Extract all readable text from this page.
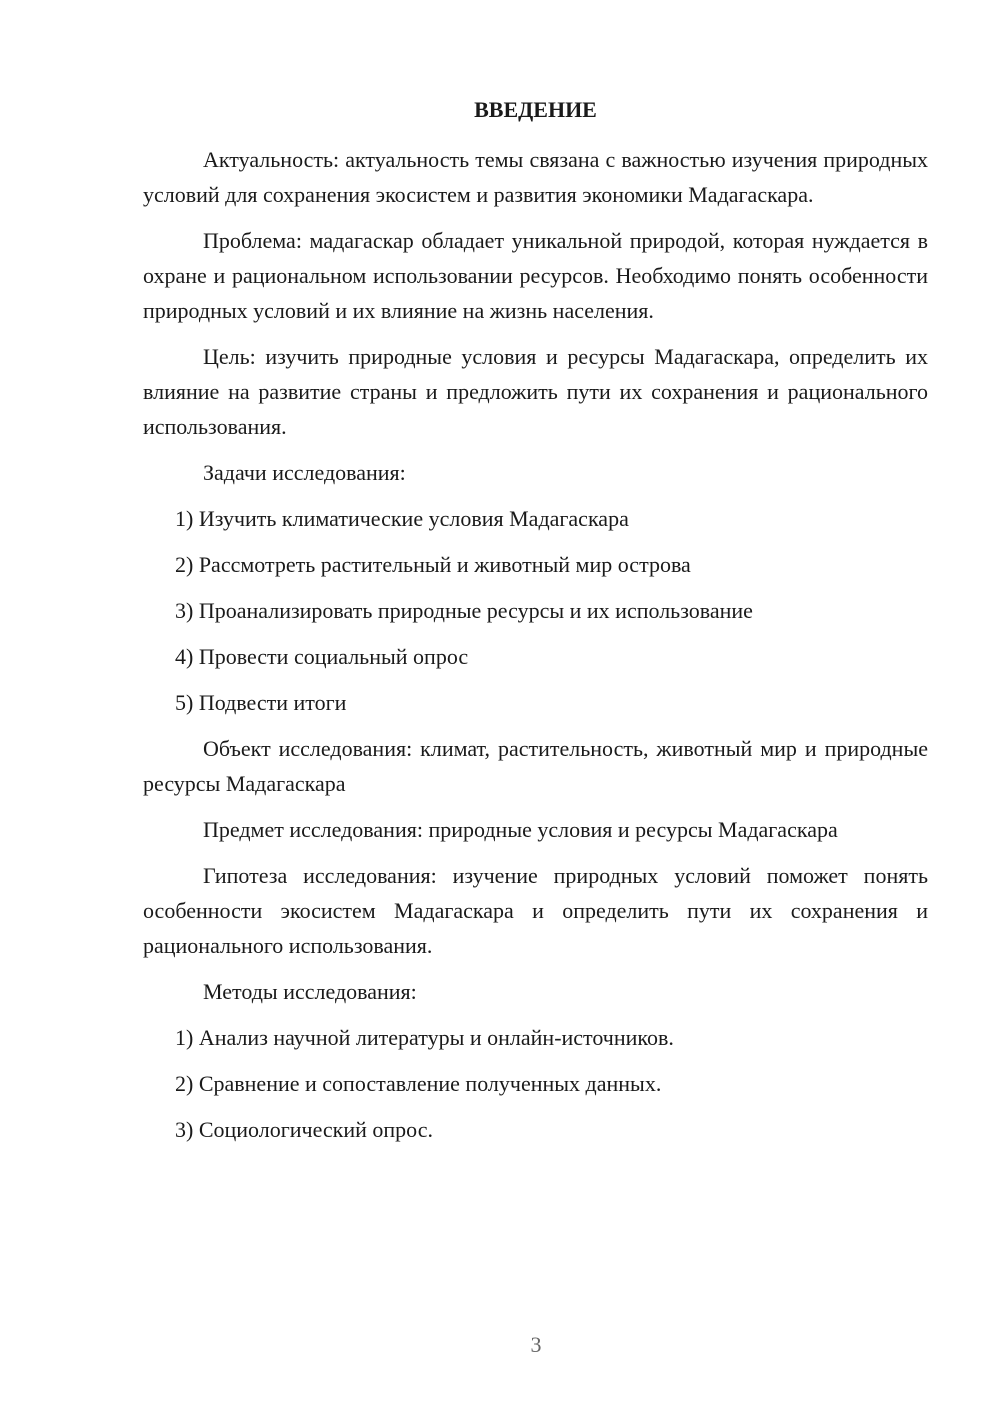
ВВЕДЕНИЕ

Актуальность: актуальность темы связана с важностью изучения природных условий для сохранения экосистем и развития экономики Мадагаскара.

Проблема: мадагаскар обладает уникальной природой, которая нуждается в охране и рациональном использовании ресурсов. Необходимо понять особенности природных условий и их влияние на жизнь населения.

Цель: изучить природные условия и ресурсы Мадагаскара, определить их влияние на развитие страны и предложить пути их сохранения и рационального использования.

Задачи исследования:
1) Изучить климатические условия Мадагаскара
2) Рассмотреть растительный и животный мир острова
3) Проанализировать природные ресурсы и их использование
4) Провести социальный опрос
5) Подвести итоги

Объект исследования: климат, растительность, животный мир и природные ресурсы Мадагаскара

Предмет исследования: природные условия и ресурсы Мадагаскара

Гипотеза исследования: изучение природных условий поможет понять особенности экосистем Мадагаскара и определить пути их сохранения и рационального использования.

Методы исследования:
1) Анализ научной литературы и онлайн-источников.
2) Сравнение и сопоставление полученных данных.
3) Социологический опрос.
3
